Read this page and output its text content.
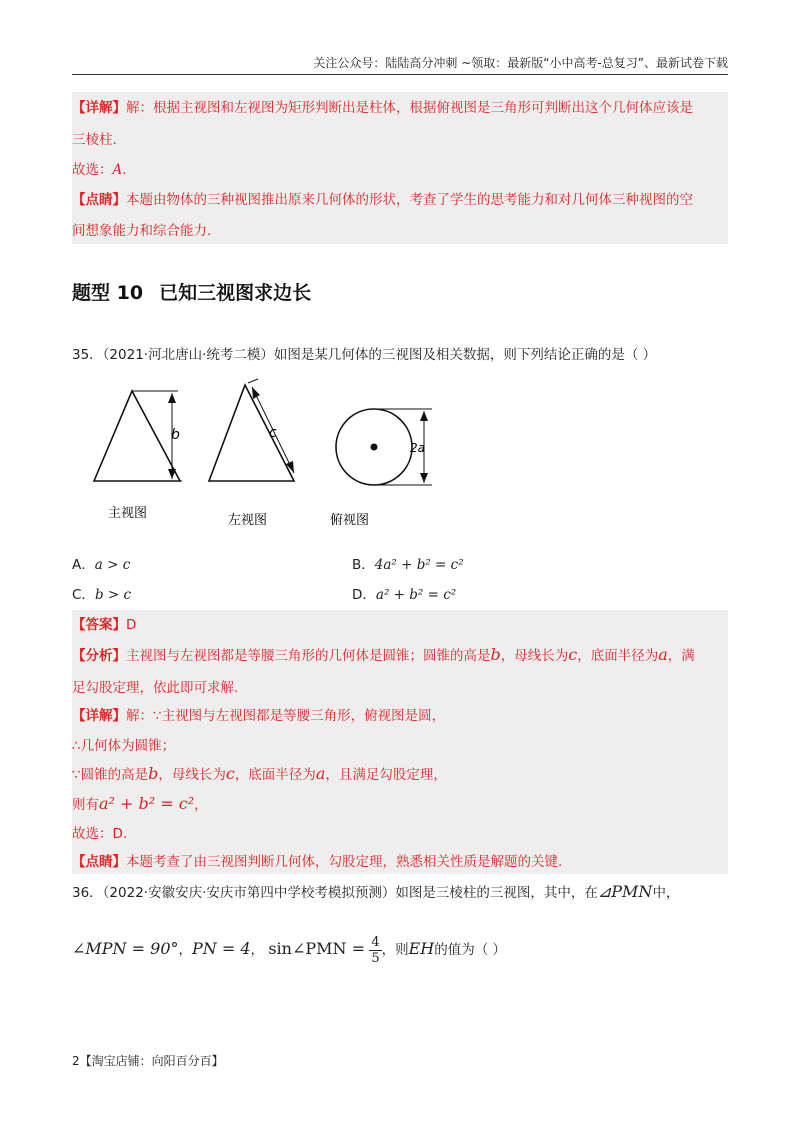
关注公众号：陆陆高分冲刺 ~领取：最新版“小中高考-总复习”、最新试卷下载
【详解】解：根据主视图和左视图为矩形判断出是柱体，根据俯视图是三角形可判断出这个几何体应该是
三棱柱.
故选：A.
【点睛】本题由物体的三种视图推出原来几何体的形状，考查了学生的思考能力和对几何体三种视图的空
间想象能力和综合能力.
题型 10 已知三视图求边长
35．（2021·河北唐山·统考二模）如图是某几何体的三视图及相关数据，则下列结论正确的是（ ）
b	c
2a
主视图	左视图	俯视图
A．a > c	B．4a² + b² = c²
C．b > c	D．a² + b² = c²
【答案】D
【分析】主视图与左视图都是等腰三角形的几何体是圆锥；圆锥的高是b，母线长为c，底面半径为a，满
足勾股定理，依此即可求解.
【详解】解：∵主视图与左视图都是等腰三角形，俯视图是圆，
∴几何体为圆锥；
∵圆锥的高是b，母线长为c，底面半径为a，且满足勾股定理，
则有a² + b² = c²，
故选：D.
【点睛】本题考查了由三视图判断几何体，勾股定理，熟悉相关性质是解题的关键.
36．（2022·安徽安庆·安庆市第四中学校考模拟预测）如图是三棱柱的三视图，其中，在⊿PMN中，
∠MPN = 90°，PN = 4， sin∠PMN = $\frac{4}{5}$ ，则EH的值为（ ）
2【淘宝店铺：向阳百分百】
